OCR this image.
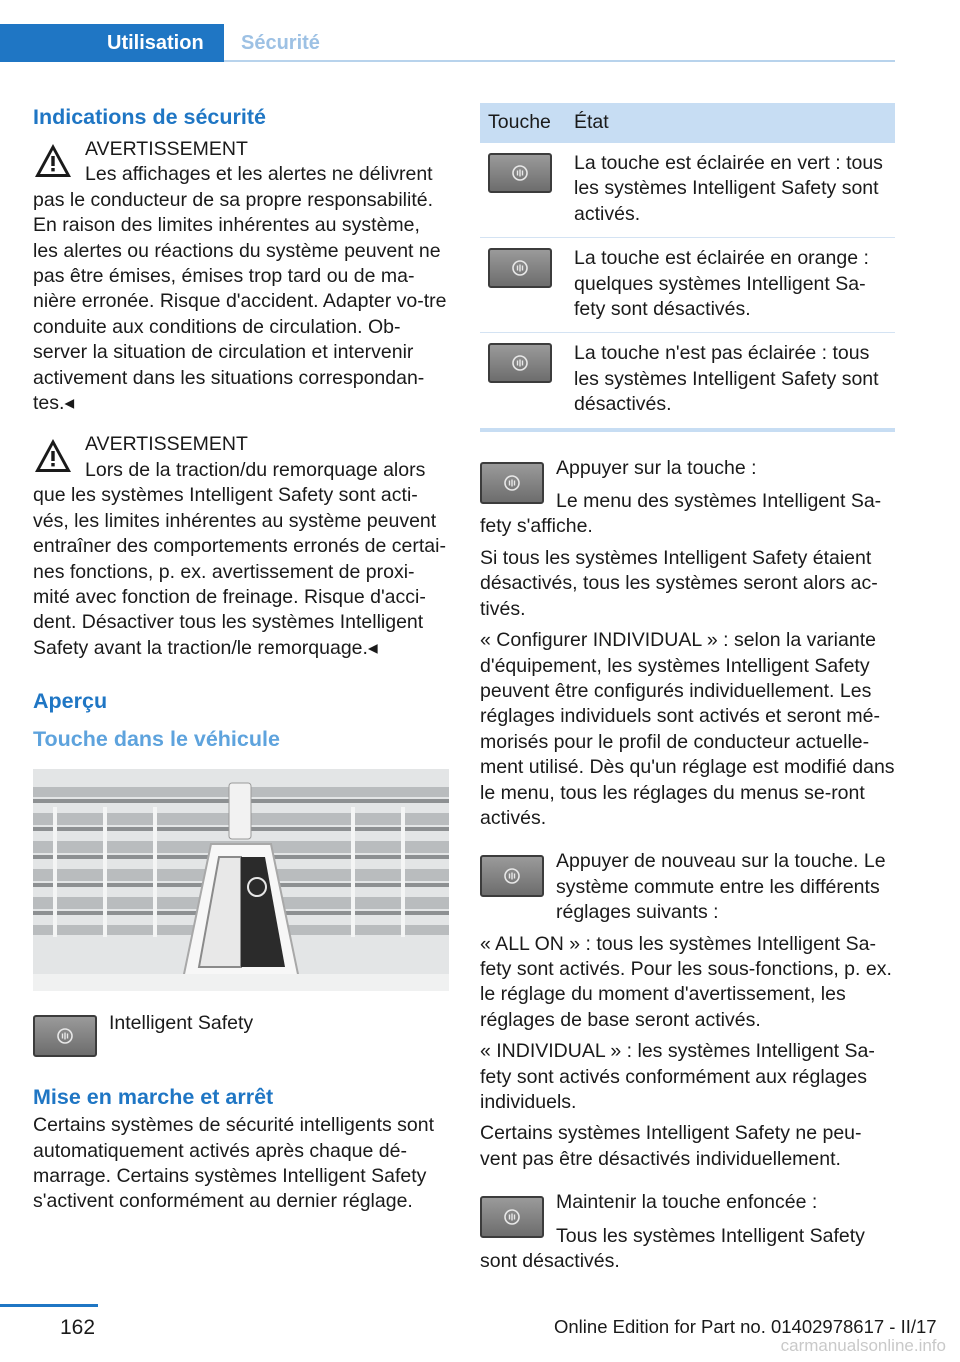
Utilisation	Sécurité
Indications de sécurité

AVERTISSEMENT

Les affichages et les alertes ne délivrent pas le conducteur de sa propre responsabilité. En raison des limites inhérentes au système, les alertes ou réactions du système peuvent ne pas être émises, émises trop tard ou de ma-nière erronée. Risque d'accident. Adapter vo-tre conduite aux conditions de circulation. Ob-server la situation de circulation et intervenir activement dans les situations correspondan-tes.◂

AVERTISSEMENT

Lors de la traction/du remorquage alors que les systèmes Intelligent Safety sont acti-vés, les limites inhérentes au système peuvent entraîner des comportements erronés de certai-nes fonctions, p. ex. avertissement de proxi-mité avec fonction de freinage. Risque d'acci-dent. Désactiver tous les systèmes Intelligent Safety avant la traction/le remorquage.◂

Aperçu
Touche dans le véhicule
Intelligent Safety
Mise en marche et arrêt

Certains systèmes de sécurité intelligents sont automatiquement activés après chaque dé-marrage. Certains systèmes Intelligent Safety s'activent conformément au dernier réglage.

Touche	État

	La touche est éclairée en vert : tous les systèmes Intelligent Safety sont activés.

	La touche est éclairée en orange : quelques systèmes Intelligent Sa-fety sont désactivés.

	La touche n'est pas éclairée : tous les systèmes Intelligent Safety sont désactivés.

Appuyer sur la touche :

Le menu des systèmes Intelligent Sa-fety s'affiche.

Si tous les systèmes Intelligent Safety étaient désactivés, tous les systèmes seront alors ac-tivés.

« Configurer INDIVIDUAL » : selon la variante d'équipement, les systèmes Intelligent Safety peuvent être configurés individuellement. Les réglages individuels sont activés et seront mé-morisés pour le profil de conducteur actuelle-ment utilisé. Dès qu'un réglage est modifié dans le menu, tous les réglages du menus se-ront activés.

Appuyer de nouveau sur la touche. Le système commute entre les différents réglages suivants :

« ALL ON » : tous les systèmes Intelligent Sa-fety sont activés. Pour les sous-fonctions, p. ex. le réglage du moment d'avertissement, les réglages de base seront activés.

« INDIVIDUAL » : les systèmes Intelligent Sa-fety sont activés conformément aux réglages individuels.

Certains systèmes Intelligent Safety ne peu-vent pas être désactivés individuellement.

Maintenir la touche enfoncée :

Tous les systèmes Intelligent Safety sont désactivés.

162	Online Edition for Part no. 01402978617 - II/17
carmanualsonline.info
